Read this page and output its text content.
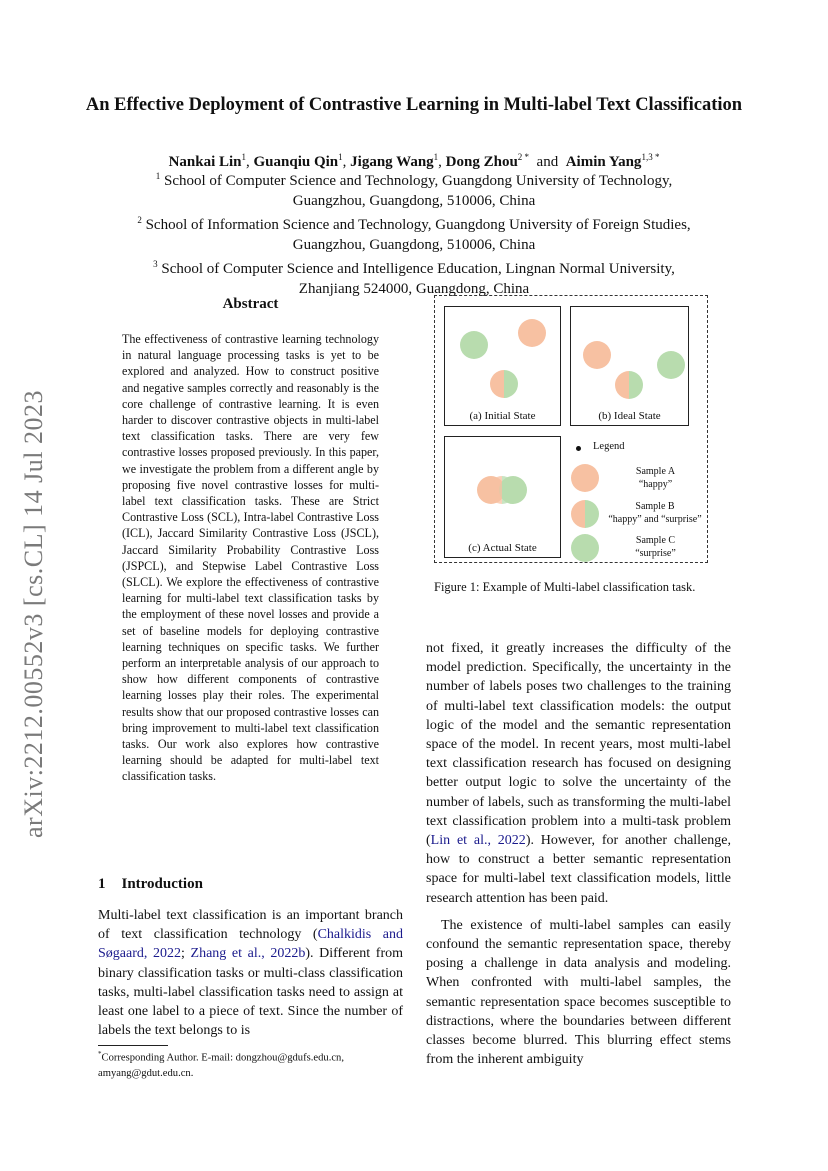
arXiv:2212.00552v3 [cs.CL] 14 Jul 2023
An Effective Deployment of Contrastive Learning in Multi-label Text Classification
Nankai Lin$^1$, Guanqiu Qin$^1$, Jigang Wang$^1$, Dong Zhou$^{2 *}$ and Aimin Yang$^{1,3 *}$
$^1$ School of Computer Science and Technology, Guangdong University of Technology,
Guangzhou, Guangdong, 510006, China
$^2$ School of Information Science and Technology, Guangdong University of Foreign Studies,
Guangzhou, Guangdong, 510006, China
$^3$ School of Computer Science and Intelligence Education, Lingnan Normal University,
Zhanjiang 524000, Guangdong, China
Abstract
The effectiveness of contrastive learning technology in natural language processing tasks is yet to be explored and analyzed. How to construct positive and negative samples correctly and reasonably is the core challenge of contrastive learning. It is even harder to discover contrastive objects in multi-label text classification tasks. There are very few contrastive losses proposed previously. In this paper, we investigate the problem from a different angle by proposing five novel contrastive losses for multi-label text classification tasks. These are Strict Contrastive Loss (SCL), Intra-label Contrastive Loss (ICL), Jaccard Similarity Contrastive Loss (JSCL), Jaccard Similarity Probability Contrastive Loss (JSPCL), and Stepwise Label Contrastive Loss (SLCL). We explore the effectiveness of contrastive learning for multi-label text classification tasks by the employment of these novel losses and provide a set of baseline models for deploying contrastive learning techniques on specific tasks. We further perform an interpretable analysis of our approach to show how different components of contrastive learning losses play their roles. The experimental results show that our proposed contrastive losses can bring improvement to multi-label text classification tasks. Our work also explores how contrastive learning should be adapted for multi-label text classification tasks.
1 Introduction
Multi-label text classification is an important branch of text classification technology (Chalkidis and Søgaard, 2022; Zhang et al., 2022b). Different from binary classification tasks or multi-class classification tasks, multi-label classification tasks need to assign at least one label to a piece of text. Since the number of labels the text belongs to is
*Corresponding Author. E-mail: dongzhou@gdufs.edu.cn, amyang@gdut.edu.cn.
(a) Initial State	(b) Ideal State
(c) Actual State
Legend
Sample A
“happy”
Sample B
“happy” and “surprise”
Sample C
“surprise”
Figure 1: Example of Multi-label classification task.

not fixed, it greatly increases the difficulty of the model prediction. Specifically, the uncertainty in the number of labels poses two challenges to the training of multi-label text classification models: the output logic of the model and the semantic representation space of the model. In recent years, most multi-label text classification research has focused on designing better output logic to solve the uncertainty of the number of labels, such as transforming the multi-label text classification problem into a multi-task problem (Lin et al., 2022). However, for another challenge, how to construct a better semantic representation space for multi-label text classification models, little research attention has been paid.

The existence of multi-label samples can easily confound the semantic representation space, thereby posing a challenge in data analysis and modeling. When confronted with multi-label samples, the semantic representation space becomes susceptible to distractions, where the boundaries between different classes become blurred. This blurring effect stems from the inherent ambiguity
